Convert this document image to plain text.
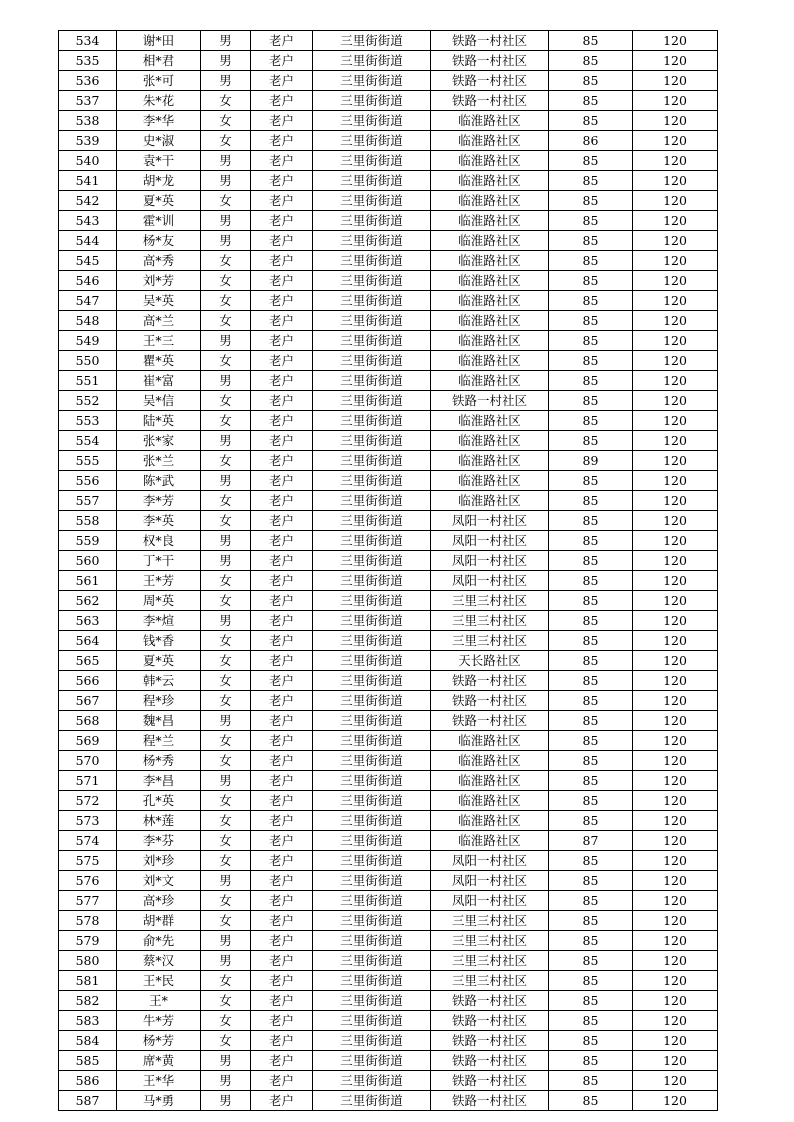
534	谢*田	男	老户	三里街街道	铁路一村社区	85	120
535	相*君	男	老户	三里街街道	铁路一村社区	85	120
536	张*可	男	老户	三里街街道	铁路一村社区	85	120
537	朱*花	女	老户	三里街街道	铁路一村社区	85	120
538	李*华	女	老户	三里街街道	临淮路社区	85	120
539	史*淑	女	老户	三里街街道	临淮路社区	86	120
540	袁*干	男	老户	三里街街道	临淮路社区	85	120
541	胡*龙	男	老户	三里街街道	临淮路社区	85	120
542	夏*英	女	老户	三里街街道	临淮路社区	85	120
543	霍*训	男	老户	三里街街道	临淮路社区	85	120
544	杨*友	男	老户	三里街街道	临淮路社区	85	120
545	高*秀	女	老户	三里街街道	临淮路社区	85	120
546	刘*芳	女	老户	三里街街道	临淮路社区	85	120
547	吴*英	女	老户	三里街街道	临淮路社区	85	120
548	高*兰	女	老户	三里街街道	临淮路社区	85	120
549	王*三	男	老户	三里街街道	临淮路社区	85	120
550	瞿*英	女	老户	三里街街道	临淮路社区	85	120
551	崔*富	男	老户	三里街街道	临淮路社区	85	120
552	吴*信	女	老户	三里街街道	铁路一村社区	85	120
553	陆*英	女	老户	三里街街道	临淮路社区	85	120
554	张*家	男	老户	三里街街道	临淮路社区	85	120
555	张*兰	女	老户	三里街街道	临淮路社区	89	120
556	陈*武	男	老户	三里街街道	临淮路社区	85	120
557	李*芳	女	老户	三里街街道	临淮路社区	85	120
558	李*英	女	老户	三里街街道	凤阳一村社区	85	120
559	权*良	男	老户	三里街街道	凤阳一村社区	85	120
560	丁*干	男	老户	三里街街道	凤阳一村社区	85	120
561	王*芳	女	老户	三里街街道	凤阳一村社区	85	120
562	周*英	女	老户	三里街街道	三里三村社区	85	120
563	李*煊	男	老户	三里街街道	三里三村社区	85	120
564	钱*香	女	老户	三里街街道	三里三村社区	85	120
565	夏*英	女	老户	三里街街道	天长路社区	85	120
566	韩*云	女	老户	三里街街道	铁路一村社区	85	120
567	程*珍	女	老户	三里街街道	铁路一村社区	85	120
568	魏*昌	男	老户	三里街街道	铁路一村社区	85	120
569	程*兰	女	老户	三里街街道	临淮路社区	85	120
570	杨*秀	女	老户	三里街街道	临淮路社区	85	120
571	李*昌	男	老户	三里街街道	临淮路社区	85	120
572	孔*英	女	老户	三里街街道	临淮路社区	85	120
573	林*莲	女	老户	三里街街道	临淮路社区	85	120
574	李*芬	女	老户	三里街街道	临淮路社区	87	120
575	刘*珍	女	老户	三里街街道	凤阳一村社区	85	120
576	刘*文	男	老户	三里街街道	凤阳一村社区	85	120
577	高*珍	女	老户	三里街街道	凤阳一村社区	85	120
578	胡*群	女	老户	三里街街道	三里三村社区	85	120
579	俞*先	男	老户	三里街街道	三里三村社区	85	120
580	蔡*汉	男	老户	三里街街道	三里三村社区	85	120
581	王*民	女	老户	三里街街道	三里三村社区	85	120
582	王*	女	老户	三里街街道	铁路一村社区	85	120
583	牛*芳	女	老户	三里街街道	铁路一村社区	85	120
584	杨*芳	女	老户	三里街街道	铁路一村社区	85	120
585	席*黄	男	老户	三里街街道	铁路一村社区	85	120
586	王*华	男	老户	三里街街道	铁路一村社区	85	120
587	马*勇	男	老户	三里街街道	铁路一村社区	85	120
